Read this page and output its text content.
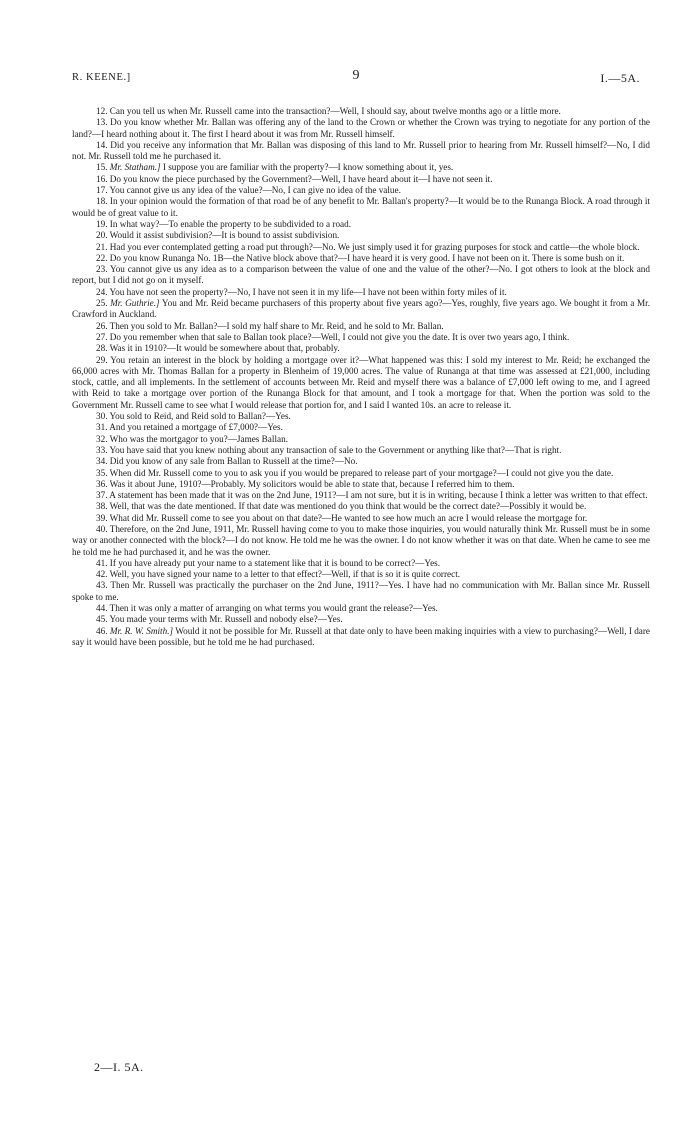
R. KEENE.]	9	I.—5A.

12. Can you tell us when Mr. Russell came into the transaction?—Well, I should say, about twelve months ago or a little more.

13. Do you know whether Mr. Ballan was offering any of the land to the Crown or whether the Crown was trying to negotiate for any portion of the land?—I heard nothing about it. The first I heard about it was from Mr. Russell himself.

14. Did you receive any information that Mr. Ballan was disposing of this land to Mr. Russell prior to hearing from Mr. Russell himself?—No, I did not. Mr. Russell told me he purchased it.

15. Mr. Statham.] I suppose you are familiar with the property?—I know something about it, yes.

16. Do you know the piece purchased by the Government?—Well, I have heard about it—I have not seen it.

17. You cannot give us any idea of the value?—No, I can give no idea of the value.

18. In your opinion would the formation of that road be of any benefit to Mr. Ballan's property?—It would be to the Runanga Block. A road through it would be of great value to it.

19. In what way?—To enable the property to be subdivided to a road.

20. Would it assist subdivision?—It is bound to assist subdivision.

21. Had you ever contemplated getting a road put through?—No. We just simply used it for grazing purposes for stock and cattle—the whole block.

22. Do you know Runanga No. 1B—the Native block above that?—I have heard it is very good. I have not been on it. There is some bush on it.

23. You cannot give us any idea as to a comparison between the value of one and the value of the other?—No. I got others to look at the block and report, but I did not go on it myself.

24. You have not seen the property?—No, I have not seen it in my life—I have not been within forty miles of it.

25. Mr. Guthrie.] You and Mr. Reid became purchasers of this property about five years ago?—Yes, roughly, five years ago. We bought it from a Mr. Crawford in Auckland.

26. Then you sold to Mr. Ballan?—I sold my half share to Mr. Reid, and he sold to Mr. Ballan.

27. Do you remember when that sale to Ballan took place?—Well, I could not give you the date. It is over two years ago, I think.

28. Was it in 1910?—It would be somewhere about that, probably.

29. You retain an interest in the block by holding a mortgage over it?—What happened was this: I sold my interest to Mr. Reid; he exchanged the 66,000 acres with Mr. Thomas Ballan for a property in Blenheim of 19,000 acres. The value of Runanga at that time was assessed at £21,000, including stock, cattle, and all implements. In the settlement of accounts between Mr. Reid and myself there was a balance of £7,000 left owing to me, and I agreed with Reid to take a mortgage over portion of the Runanga Block for that amount, and I took a mortgage for that. When the portion was sold to the Government Mr. Russell came to see what I would release that portion for, and I said I wanted 10s. an acre to release it.

30. You sold to Reid, and Reid sold to Ballan?—Yes.

31. And you retained a mortgage of £7,000?—Yes.

32. Who was the mortgagor to you?—James Ballan.

33. You have said that you knew nothing about any transaction of sale to the Government or anything like that?—That is right.

34. Did you know of any sale from Ballan to Russell at the time?—No.

35. When did Mr. Russell come to you to ask you if you would be prepared to release part of your mortgage?—I could not give you the date.

36. Was it about June, 1910?—Probably. My solicitors would be able to state that, because I referred him to them.

37. A statement has been made that it was on the 2nd June, 1911?—I am not sure, but it is in writing, because I think a letter was written to that effect.

38. Well, that was the date mentioned. If that date was mentioned do you think that would be the correct date?—Possibly it would be.

39. What did Mr. Russell come to see you about on that date?—He wanted to see how much an acre I would release the mortgage for.

40. Therefore, on the 2nd June, 1911, Mr. Russell having come to you to make those inquiries, you would naturally think Mr. Russell must be in some way or another connected with the block?—I do not know. He told me he was the owner. I do not know whether it was on that date. When he came to see me he told me he had purchased it, and he was the owner.

41. If you have already put your name to a statement like that it is bound to be correct?—Yes.

42. Well, you have signed your name to a letter to that effect?—Well, if that is so it is quite correct.

43. Then Mr. Russell was practically the purchaser on the 2nd June, 1911?—Yes. I have had no communication with Mr. Ballan since Mr. Russell spoke to me.

44. Then it was only a matter of arranging on what terms you would grant the release?—Yes.

45. You made your terms with Mr. Russell and nobody else?—Yes.

46. Mr. R. W. Smith.] Would it not be possible for Mr. Russell at that date only to have been making inquiries with a view to purchasing?—Well, I dare say it would have been possible, but he told me he had purchased.

2—I. 5A.
